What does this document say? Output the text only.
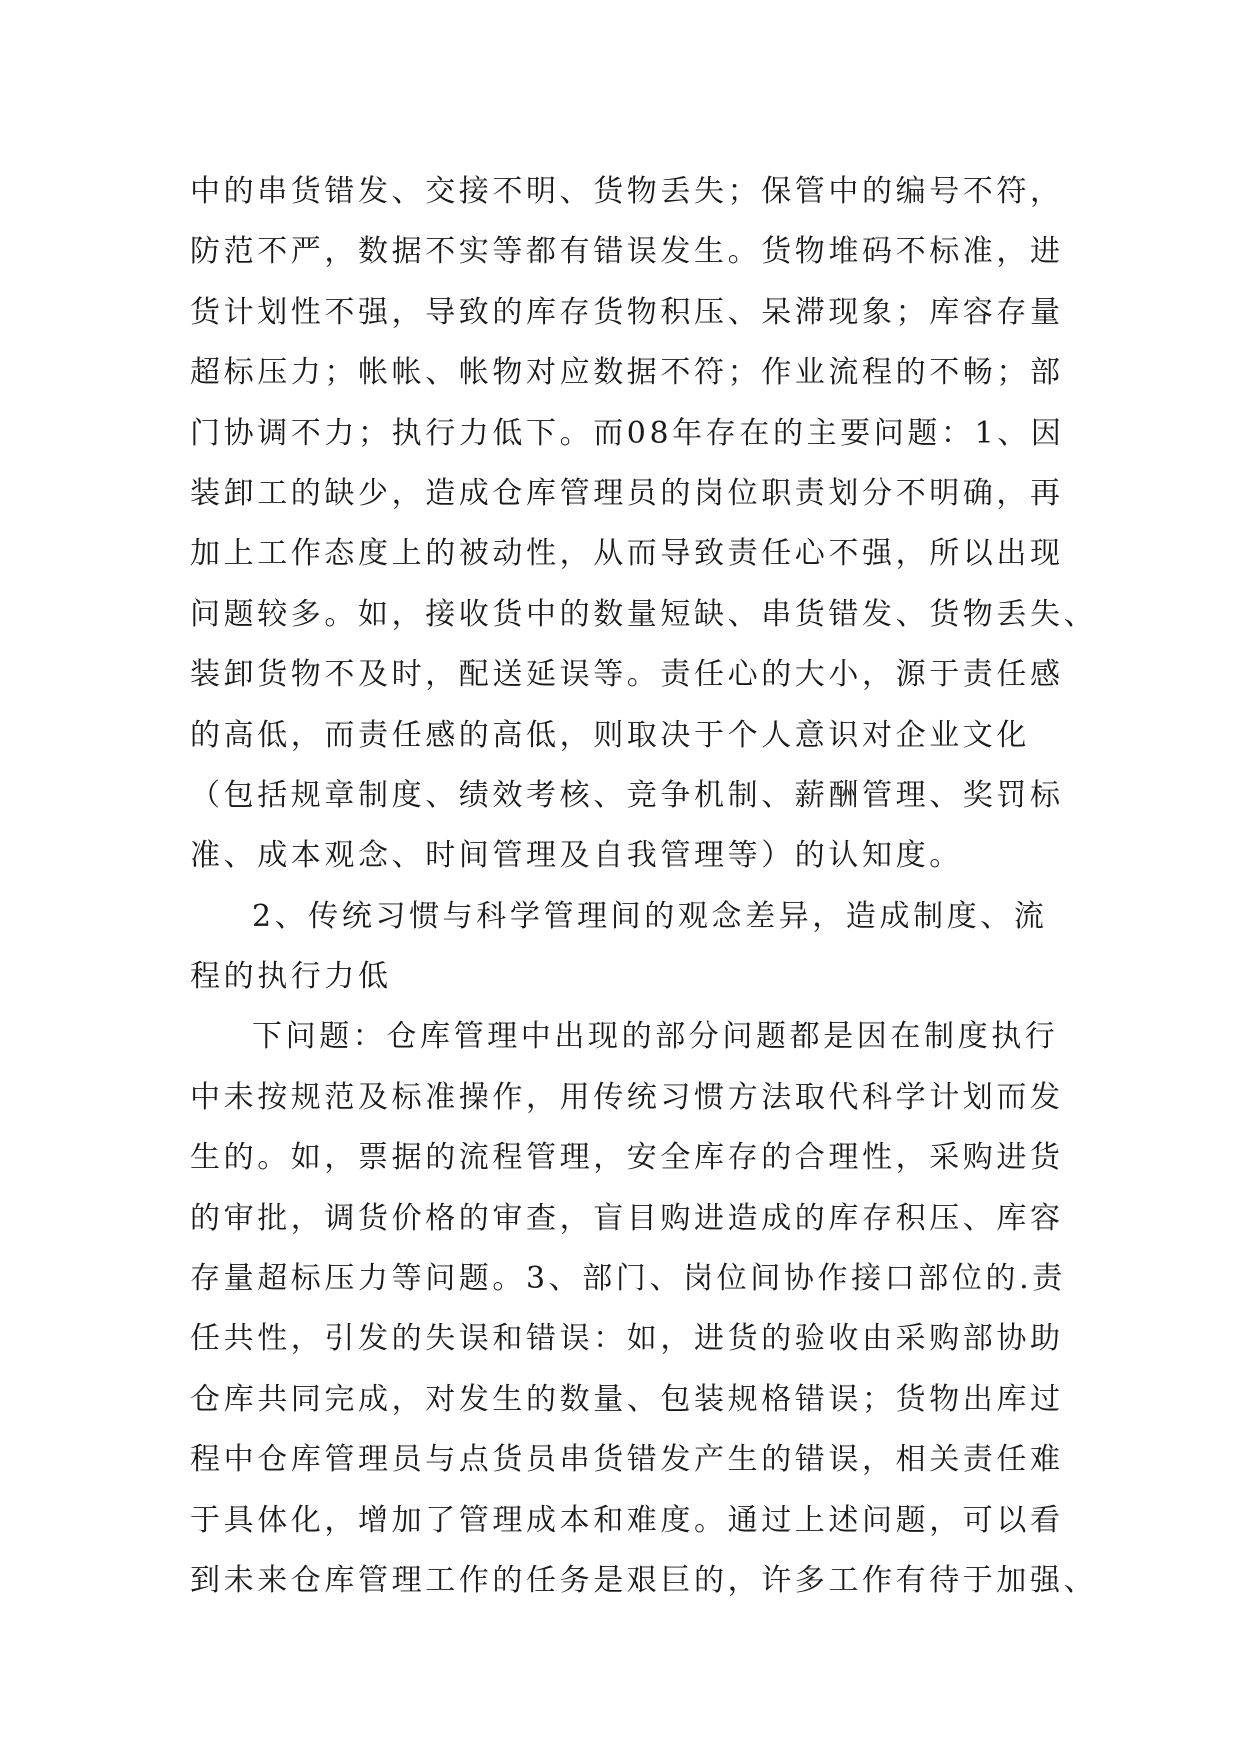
中的串货错发、交接不明、货物丢失；保管中的编号不符，
防范不严，数据不实等都有错误发生。货物堆码不标准，进
货计划性不强，导致的库存货物积压、呆滞现象；库容存量
超标压力；帐帐、帐物对应数据不符；作业流程的不畅；部
门协调不力；执行力低下。而08年存在的主要问题：1、因
装卸工的缺少，造成仓库管理员的岗位职责划分不明确，再
加上工作态度上的被动性，从而导致责任心不强，所以出现
问题较多。如，接收货中的数量短缺、串货错发、货物丢失、
装卸货物不及时，配送延误等。责任心的大小，源于责任感
的高低，而责任感的高低，则取决于个人意识对企业文化
（包括规章制度、绩效考核、竞争机制、薪酬管理、奖罚标
准、成本观念、时间管理及自我管理等）的认知度。
2、传统习惯与科学管理间的观念差异，造成制度、流
程的执行力低
下问题：仓库管理中出现的部分问题都是因在制度执行
中未按规范及标准操作，用传统习惯方法取代科学计划而发
生的。如，票据的流程管理，安全库存的合理性，采购进货
的审批，调货价格的审查，盲目购进造成的库存积压、库容
存量超标压力等问题。3、部门、岗位间协作接口部位的.责
任共性，引发的失误和错误：如，进货的验收由采购部协助
仓库共同完成，对发生的数量、包装规格错误；货物出库过
程中仓库管理员与点货员串货错发产生的错误，相关责任难
于具体化，增加了管理成本和难度。通过上述问题，可以看
到未来仓库管理工作的任务是艰巨的，许多工作有待于加强、
